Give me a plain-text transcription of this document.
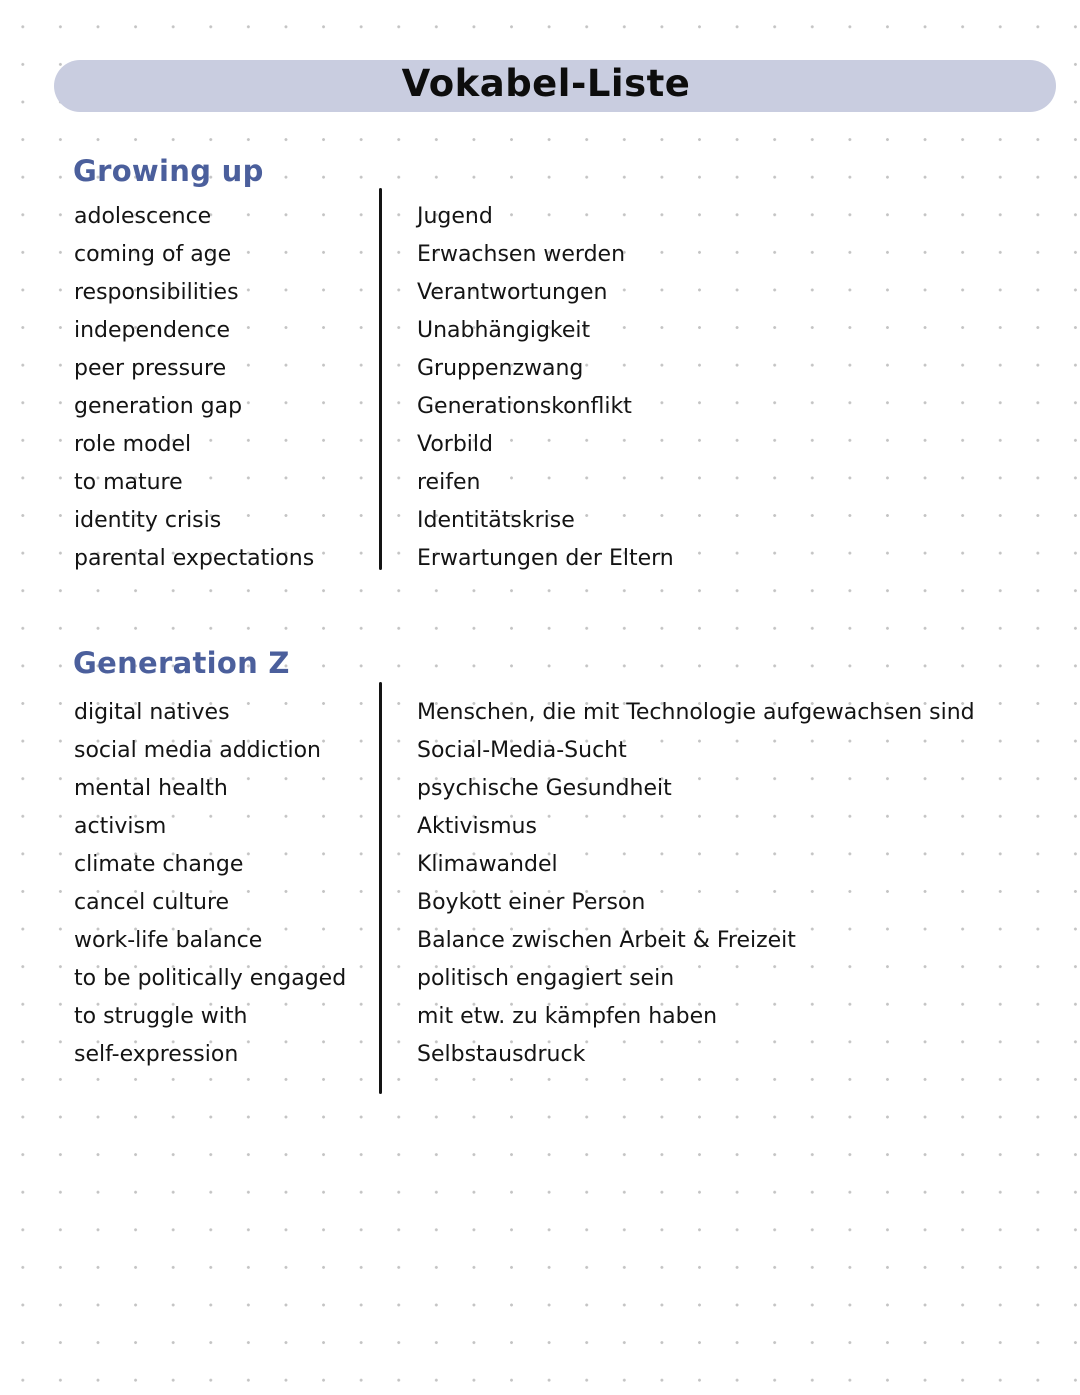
Vokabel-Liste
Growing up
adolescence	Jugend
coming of age	Erwachsen werden
responsibilities	Verantwortungen
independence	Unabhängigkeit
peer pressure	Gruppenzwang
generation gap	Generationskonflikt
role model	Vorbild
to mature	reifen
identity crisis	Identitätskrise
parental expectations	Erwartungen der Eltern
Generation Z
digital natives	Menschen, die mit Technologie aufgewachsen sind
social media addiction	Social-Media-Sucht
mental health	psychische Gesundheit
activism	Aktivismus
climate change	Klimawandel
cancel culture	Boykott einer Person
work-life balance	Balance zwischen Arbeit & Freizeit
to be politically engaged	politisch engagiert sein
to struggle with	mit etw. zu kämpfen haben
self-expression	Selbstausdruck
